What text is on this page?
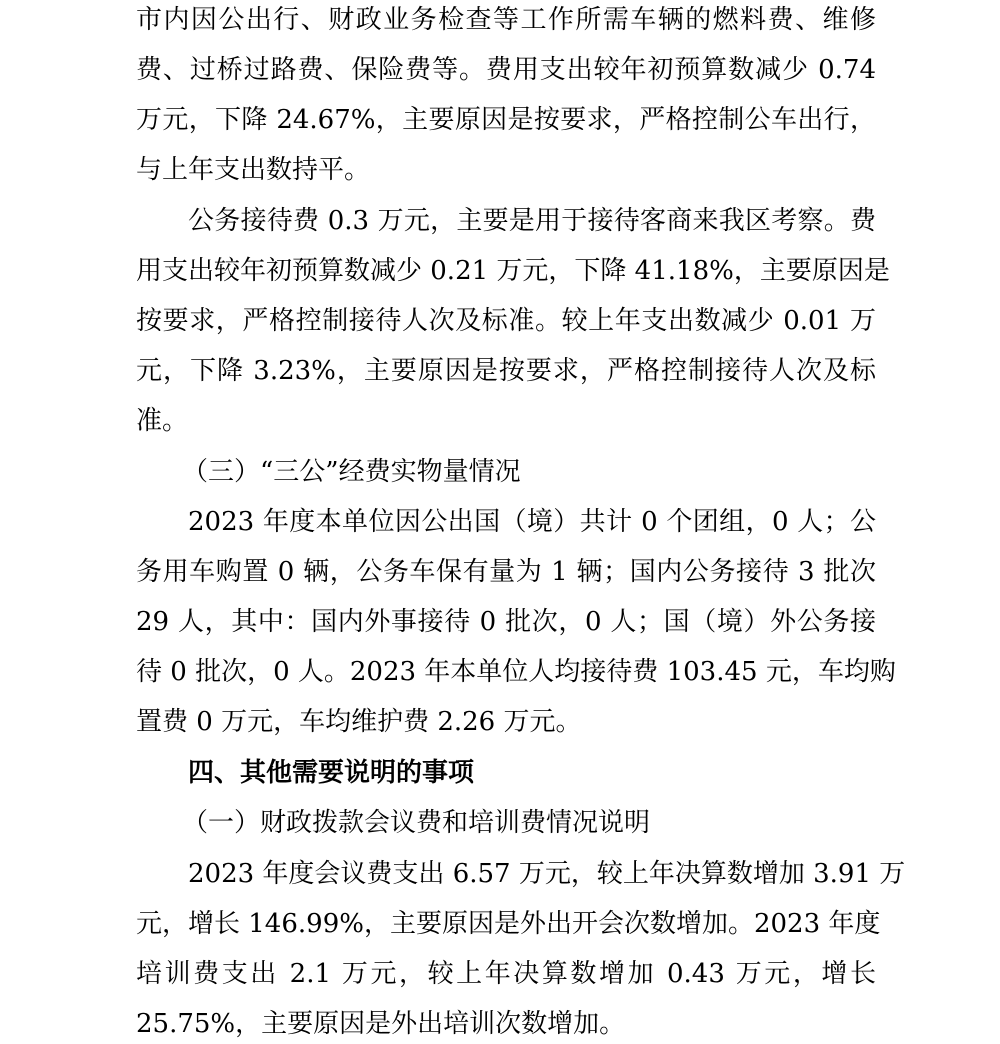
市内因公出行、财政业务检查等工作所需车辆的燃料费、维修
费、过桥过路费、保险费等。费用支出较年初预算数减少 0.74
万元，下降 24.67%，主要原因是按要求，严格控制公车出行，
与上年支出数持平。
公务接待费 0.3 万元，主要是用于接待客商来我区考察。费
用支出较年初预算数减少 0.21 万元，下降 41.18%，主要原因是
按要求，严格控制接待人次及标准。较上年支出数减少 0.01 万
元，下降 3.23%，主要原因是按要求，严格控制接待人次及标
准。
（三）“三公”经费实物量情况
2023 年度本单位因公出国（境）共计 0 个团组，0 人；公
务用车购置 0 辆，公务车保有量为 1 辆；国内公务接待 3 批次
29 人，其中：国内外事接待 0 批次，0 人；国（境）外公务接
待 0 批次，0 人。2023 年本单位人均接待费 103.45 元，车均购
置费 0 万元，车均维护费 2.26 万元。
四、其他需要说明的事项
（一）财政拨款会议费和培训费情况说明
2023 年度会议费支出 6.57 万元，较上年决算数增加 3.91 万
元，增长 146.99%，主要原因是外出开会次数增加。2023 年度
培训费支出 2.1 万元，较上年决算数增加 0.43 万元，增长
25.75%，主要原因是外出培训次数增加。
